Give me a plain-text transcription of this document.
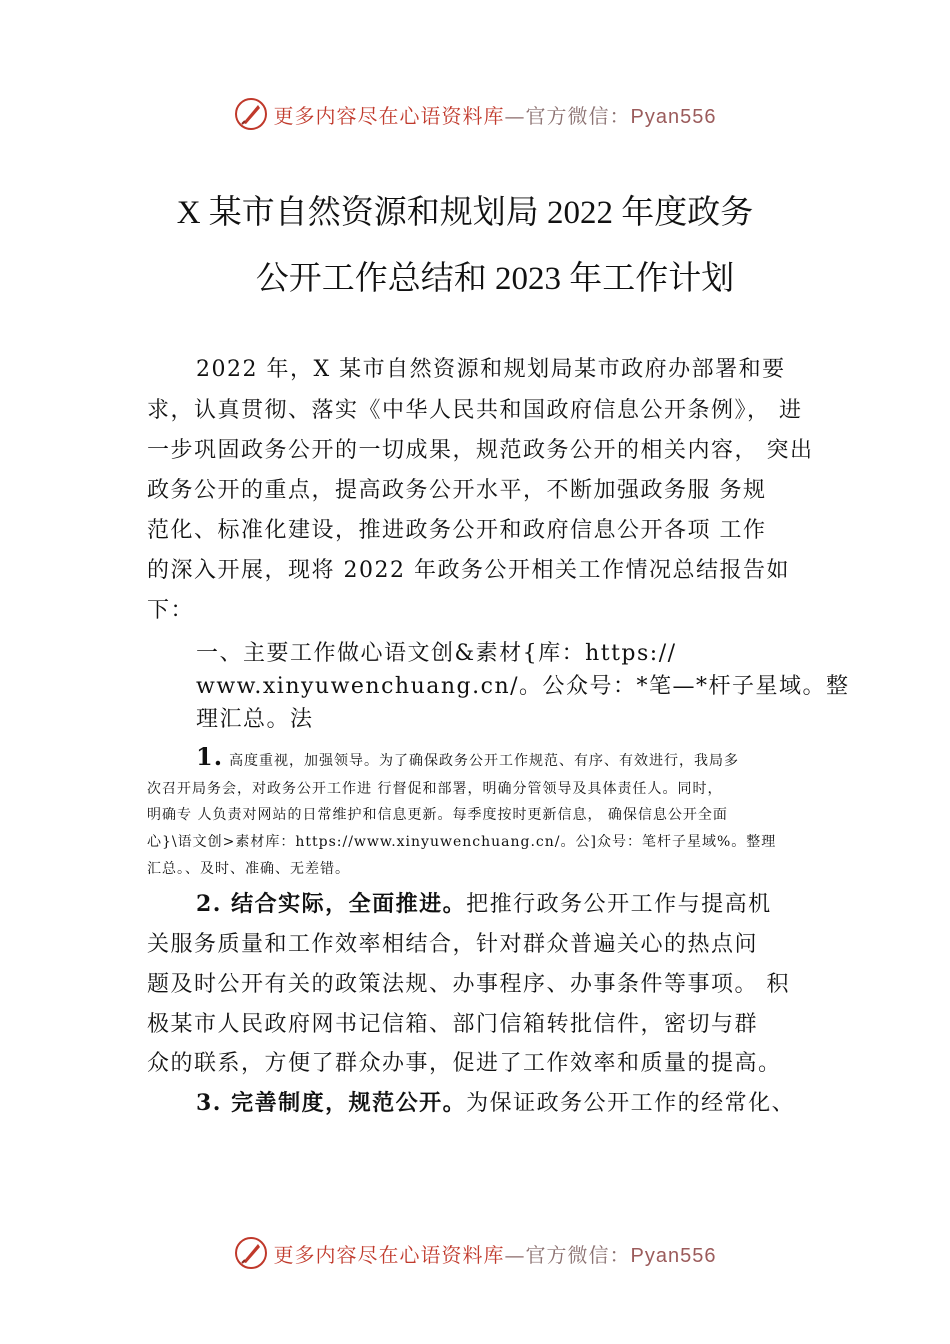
更多内容尽在心语资料库—官方微信：Pyan556
X 某市自然资源和规划局 2022 年度政务
公开工作总结和 2023 年工作计划
2022 年，X 某市自然资源和规划局某市政府办部署和要
求，认真贯彻、落实《中华人民共和国政府信息公开条例》， 进
一步巩固政务公开的一切成果，规范政务公开的相关内容， 突出
政务公开的重点，提高政务公开水平，不断加强政务服 务规
范化、标准化建设，推进政务公开和政府信息公开各项 工作
的深入开展，现将 2022 年政务公开相关工作情况总结报告如
下：
一、主要工作做心语文创&素材{库：https://
www.xinyuwenchuang.cn/。公众号：*笔—*杆子星域。整
理汇总。法
1. 高度重视，加强领导。为了确保政务公开工作规范、有序、有效进行，我局多
次召开局务会，对政务公开工作进 行督促和部署，明确分管领导及具体责任人。同时，
明确专 人负责对网站的日常维护和信息更新。每季度按时更新信息， 确保信息公开全面
心}\语文创>素材库：https://www.xinyuwenchuang.cn/。公]众号：笔杆子星域%。整理
汇总。、及时、准确、无差错。
2. 结合实际，全面推进。把推行政务公开工作与提高机
关服务质量和工作效率相结合，针对群众普遍关心的热点问
题及时公开有关的政策法规、办事程序、办事条件等事项。 积
极某市人民政府网书记信箱、部门信箱转批信件，密切与群
众的联系，方便了群众办事，促进了工作效率和质量的提高。
3. 完善制度，规范公开。为保证政务公开工作的经常化、
更多内容尽在心语资料库—官方微信：Pyan556
